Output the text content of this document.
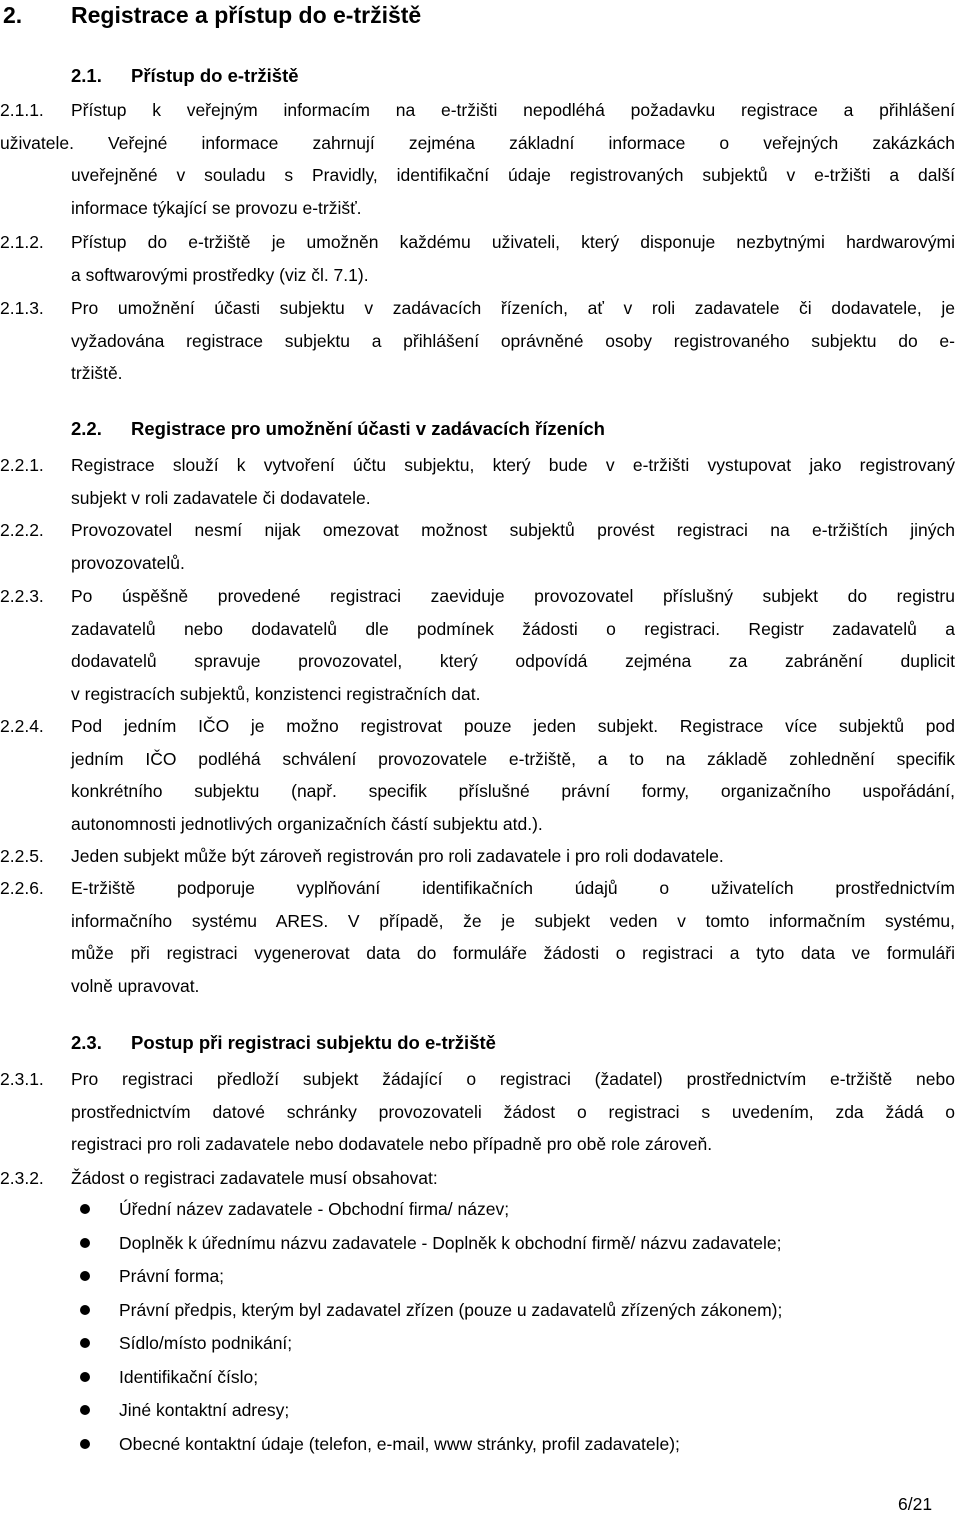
2. Registrace a přístup do e-tržiště
2.1. Přístup do e-tržiště
2.1.1. Přístup k veřejným informacím na e-tržišti nepodléhá požadavku registrace a přihlášení
uživatele. Veřejné informace zahrnují zejména základní informace o veřejných zakázkách
uveřejněné v souladu s Pravidly, identifikační údaje registrovaných subjektů v e-tržišti a další
informace týkající se provozu e-tržišť.
2.1.2. Přístup do e-tržiště je umožněn každému uživateli, který disponuje nezbytnými hardwarovými
a softwarovými prostředky (viz čl. 7.1).
2.1.3. Pro umožnění účasti subjektu v zadávacích řízeních, ať v roli zadavatele či dodavatele, je
vyžadována registrace subjektu a přihlášení oprávněné osoby registrovaného subjektu do e-
tržiště.
2.2. Registrace pro umožnění účasti v zadávacích řízeních
2.2.1. Registrace slouží k vytvoření účtu subjektu, který bude v e-tržišti vystupovat jako registrovaný
subjekt v roli zadavatele či dodavatele.
2.2.2. Provozovatel nesmí nijak omezovat možnost subjektů provést registraci na e-tržištích jiných
provozovatelů.
2.2.3. Po úspěšně provedené registraci zaeviduje provozovatel příslušný subjekt do registru
zadavatelů nebo dodavatelů dle podmínek žádosti o registraci. Registr zadavatelů a
dodavatelů spravuje provozovatel, který odpovídá zejména za zabránění duplicit
v registracích subjektů, konzistenci registračních dat.
2.2.4. Pod jedním IČO je možno registrovat pouze jeden subjekt. Registrace více subjektů pod
jedním IČO podléhá schválení provozovatele e-tržiště, a to na základě zohlednění specifik
konkrétního subjektu (např. specifik příslušné právní formy, organizačního uspořádání,
autonomnosti jednotlivých organizačních částí subjektu atd.).
2.2.5. Jeden subjekt může být zároveň registrován pro roli zadavatele i pro roli dodavatele.
2.2.6. E-tržiště podporuje vyplňování identifikačních údajů o uživatelích prostřednictvím
informačního systému ARES. V případě, že je subjekt veden v tomto informačním systému,
může při registraci vygenerovat data do formuláře žádosti o registraci a tyto data ve formuláři
volně upravovat.
2.3. Postup při registraci subjektu do e-tržiště
2.3.1. Pro registraci předloží subjekt žádající o registraci (žadatel) prostřednictvím e-tržiště nebo
prostřednictvím datové schránky provozovateli žádost o registraci s uvedením, zda žádá o
registraci pro roli zadavatele nebo dodavatele nebo případně pro obě role zároveň.
2.3.2. Žádost o registraci zadavatele musí obsahovat:
Úřední název zadavatele - Obchodní firma/ název;
Doplněk k úřednímu názvu zadavatele - Doplněk k obchodní firmě/ názvu zadavatele;
Právní forma;
Právní předpis, kterým byl zadavatel zřízen (pouze u zadavatelů zřízených zákonem);
Sídlo/místo podnikání;
Identifikační číslo;
Jiné kontaktní adresy;
Obecné kontaktní údaje (telefon, e-mail, www stránky, profil zadavatele);
6/21
